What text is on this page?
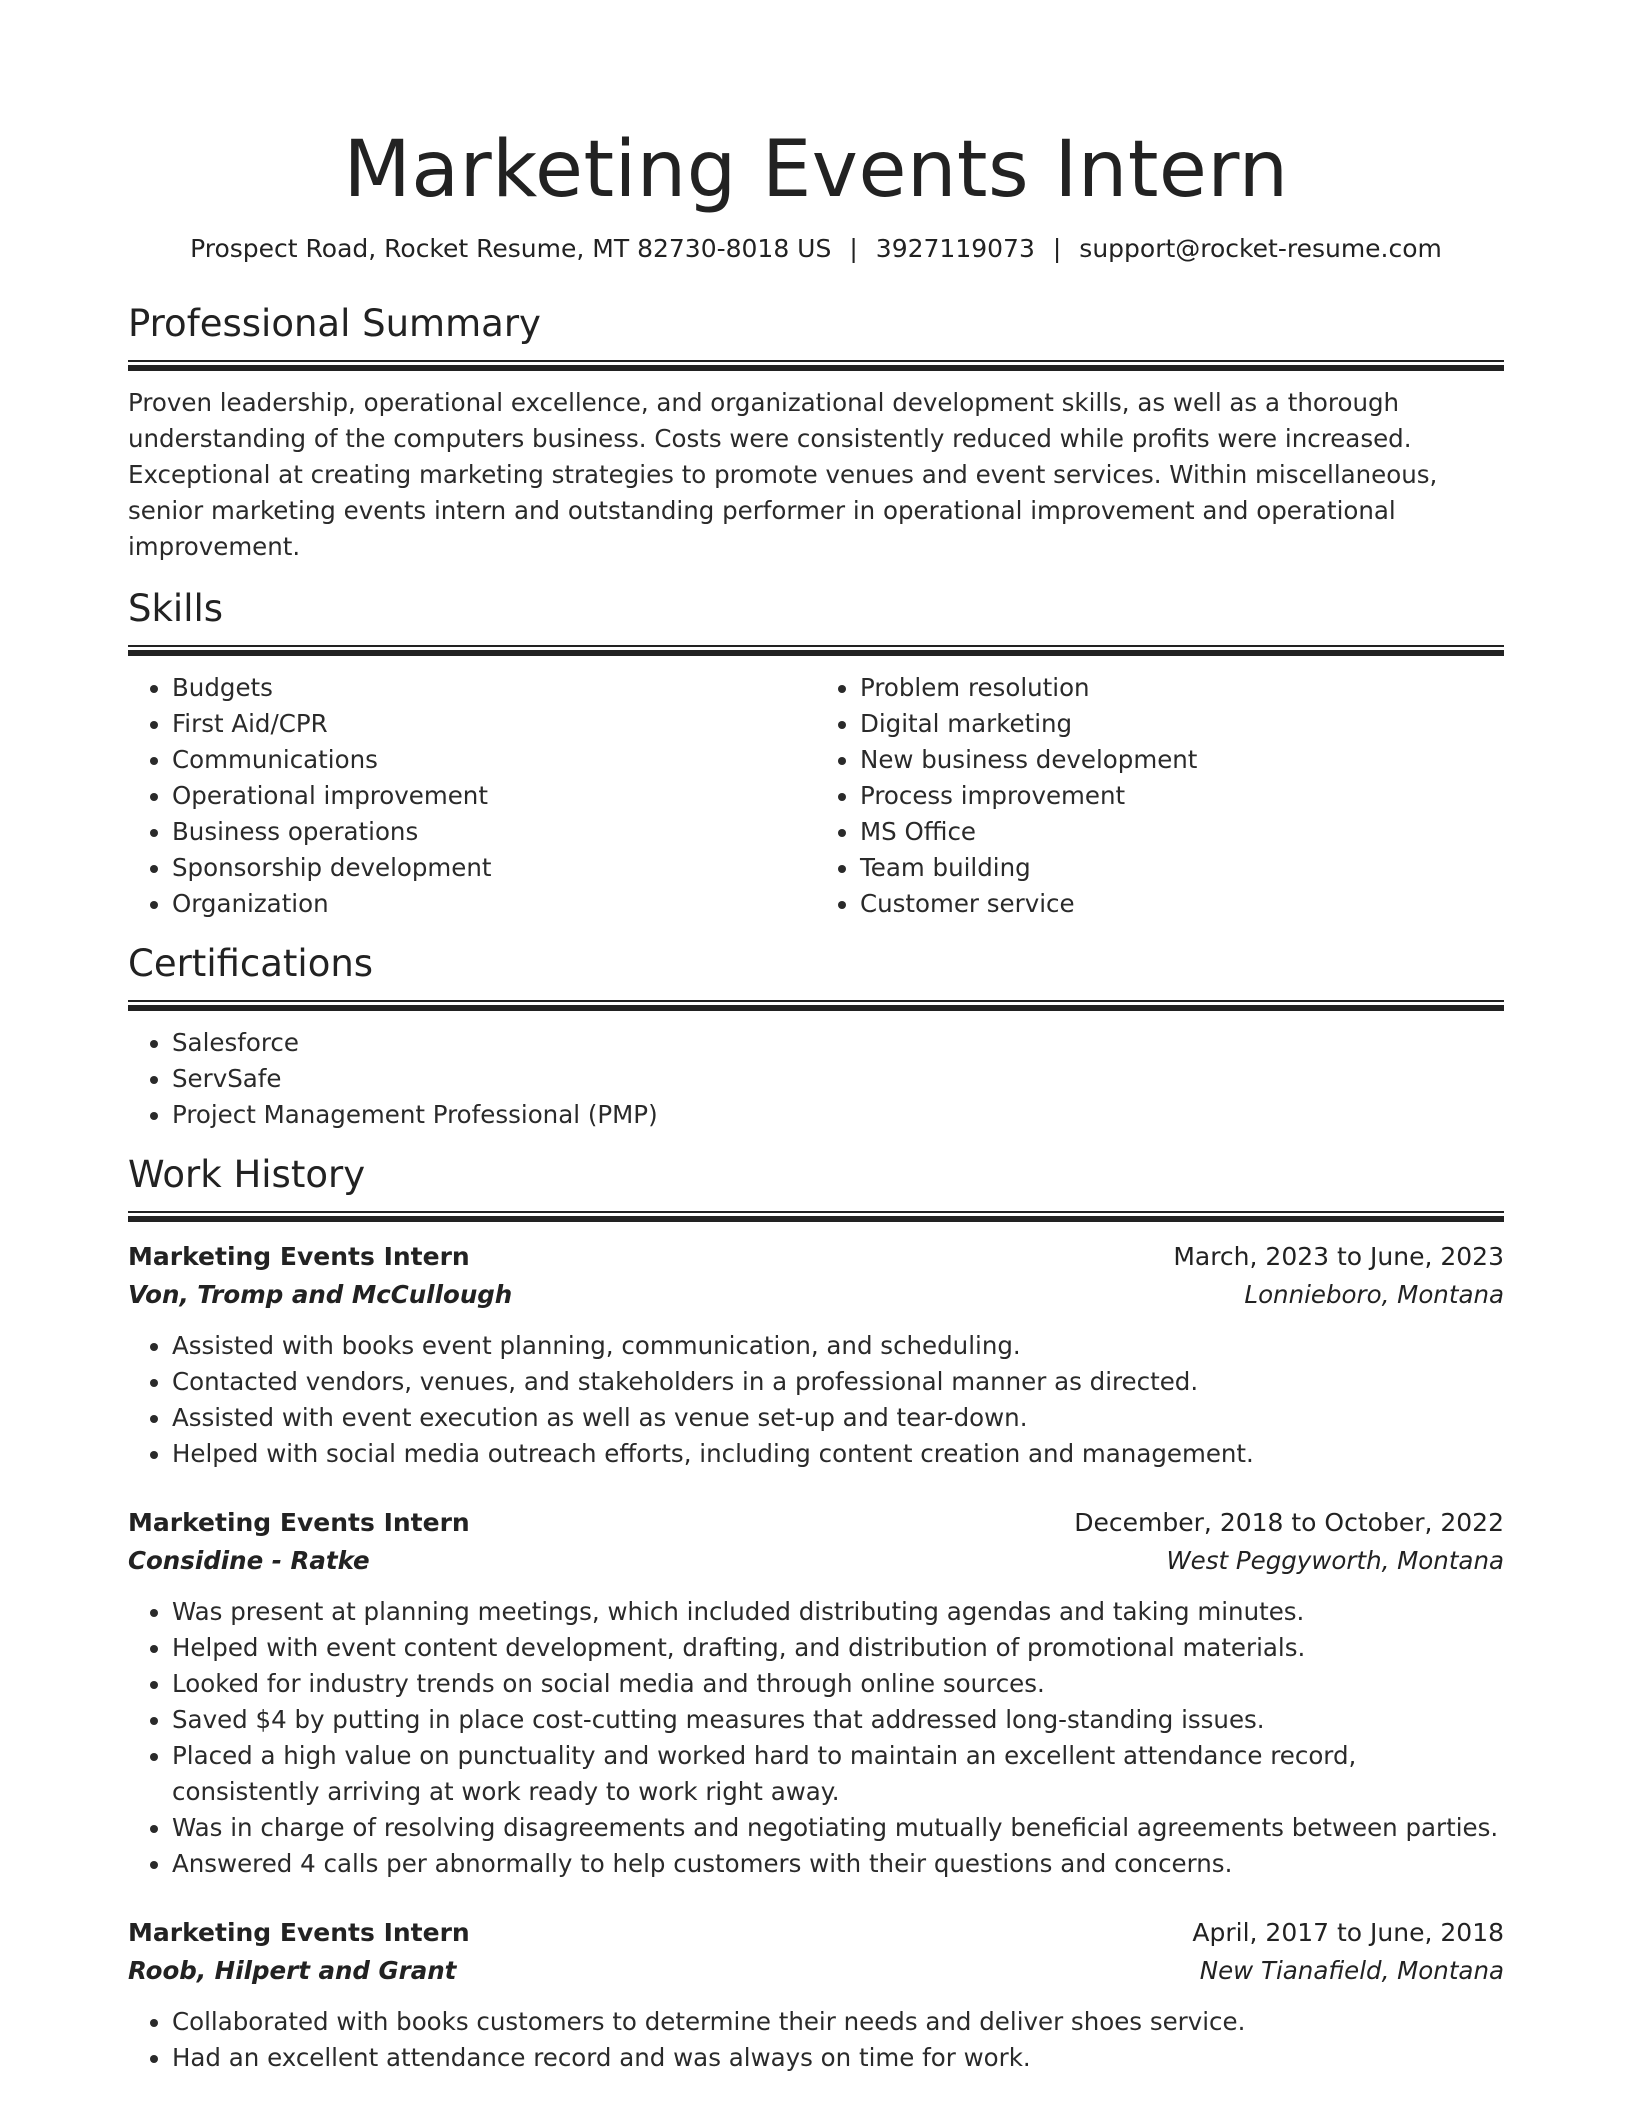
Marketing Events Intern
Prospect Road, Rocket Resume, MT 82730-8018 US | 3927119073 | support@rocket-resume.com
Professional Summary

Proven leadership, operational excellence, and organizational development skills, as well as a thorough understanding of the computers business. Costs were consistently reduced while profits were increased. Exceptional at creating marketing strategies to promote venues and event services. Within miscellaneous, senior marketing events intern and outstanding performer in operational improvement and operational improvement.

Skills
• Budgets
• First Aid/CPR
• Communications
• Operational improvement
• Business operations
• Sponsorship development
• Organization
• Problem resolution
• Digital marketing
• New business development
• Process improvement
• MS Office
• Team building
• Customer service
Certifications
• Salesforce
• ServSafe
• Project Management Professional (PMP)
Work History
Marketing Events Intern	March, 2023 to June, 2023
Von, Tromp and McCullough	Lonnieboro, Montana
• Assisted with books event planning, communication, and scheduling.
• Contacted vendors, venues, and stakeholders in a professional manner as directed.
• Assisted with event execution as well as venue set-up and tear-down.
• Helped with social media outreach efforts, including content creation and management.
Marketing Events Intern	December, 2018 to October, 2022
Considine - Ratke	West Peggyworth, Montana
• Was present at planning meetings, which included distributing agendas and taking minutes.
• Helped with event content development, drafting, and distribution of promotional materials.
• Looked for industry trends on social media and through online sources.
• Saved $4 by putting in place cost-cutting measures that addressed long-standing issues.
• Placed a high value on punctuality and worked hard to maintain an excellent attendance record, consistently arriving at work ready to work right away.
• Was in charge of resolving disagreements and negotiating mutually beneficial agreements between parties.
• Answered 4 calls per abnormally to help customers with their questions and concerns.
Marketing Events Intern	April, 2017 to June, 2018
Roob, Hilpert and Grant	New Tianafield, Montana
• Collaborated with books customers to determine their needs and deliver shoes service.
• Had an excellent attendance record and was always on time for work.
